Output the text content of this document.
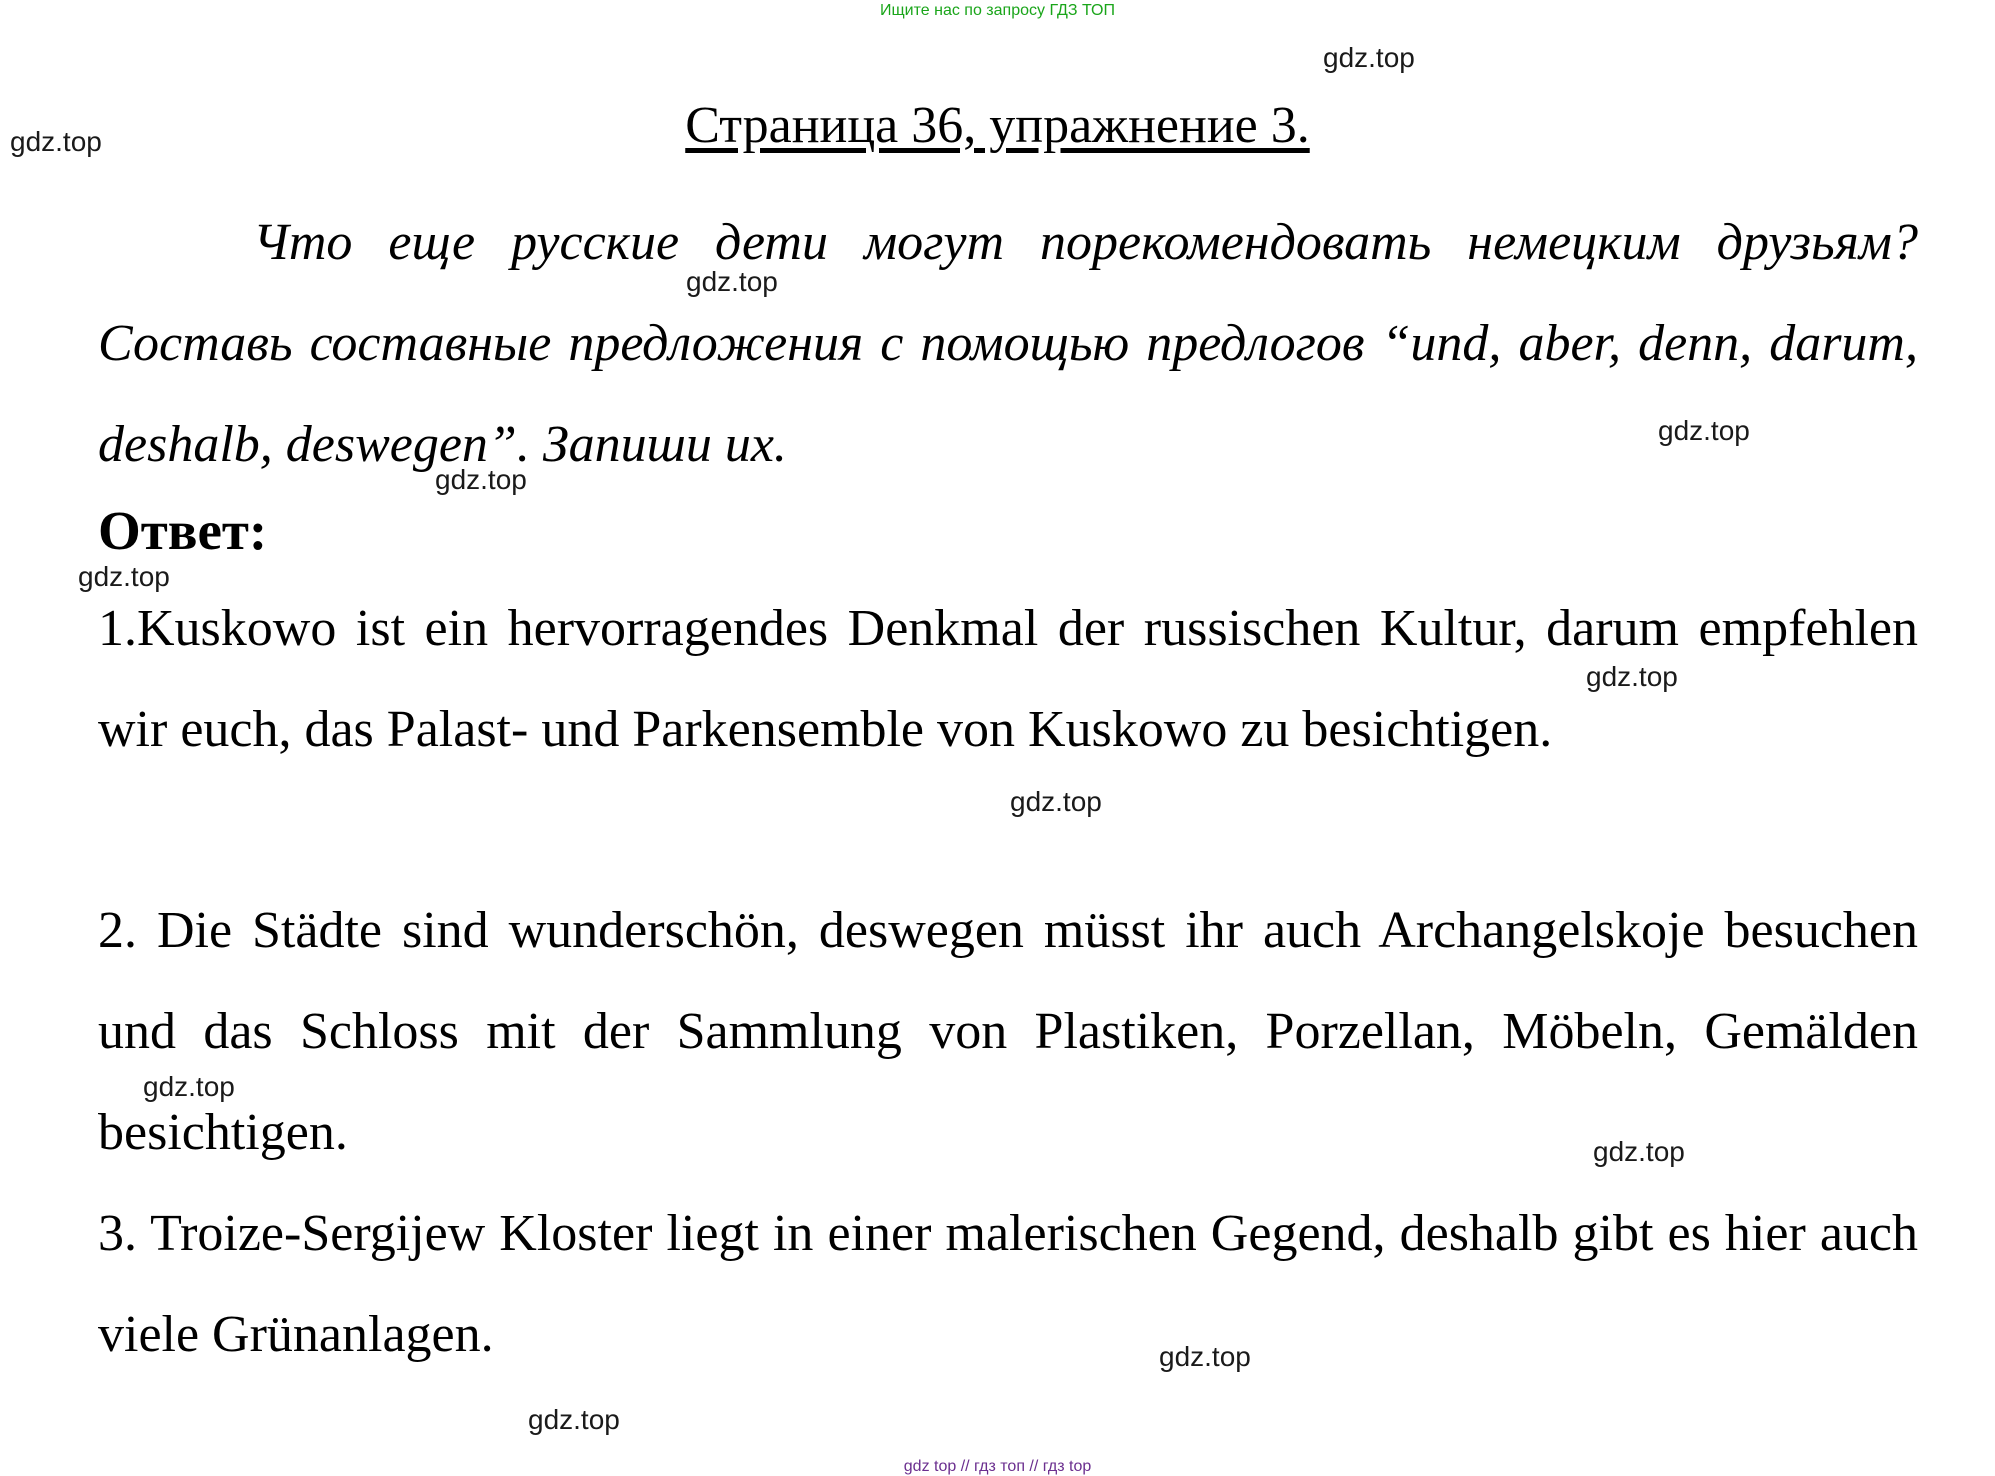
Ищите нас по запросу ГДЗ ТОП
Страница 36, упражнение 3.

Что еще русские дети могут порекомендовать немецким друзьям? Составь составные предложения с помощью предлогов “und, aber, denn, darum, deshalb, deswegen”. Запиши их.

Ответ:

1.Kuskowo ist ein hervorragendes Denkmal der russischen Kultur, darum empfehlen wir euch, das Palast- und Parkensemble von Kuskowo zu besichtigen.

2. Die Städte sind wunderschön, deswegen müsst ihr auch Archangelskoje besuchen und das Schloss mit der Sammlung von Plastiken, Porzellan, Möbeln, Gemälden besichtigen.

3. Troize-Sergijew Kloster liegt in einer malerischen Gegend, deshalb gibt es hier auch viele Grünanlagen.

gdz.top
gdz.top
gdz.top
gdz.top
gdz.top
gdz.top
gdz.top
gdz.top
gdz.top
gdz.top
gdz.top
gdz.top
gdz top // гдз топ // гдз top
